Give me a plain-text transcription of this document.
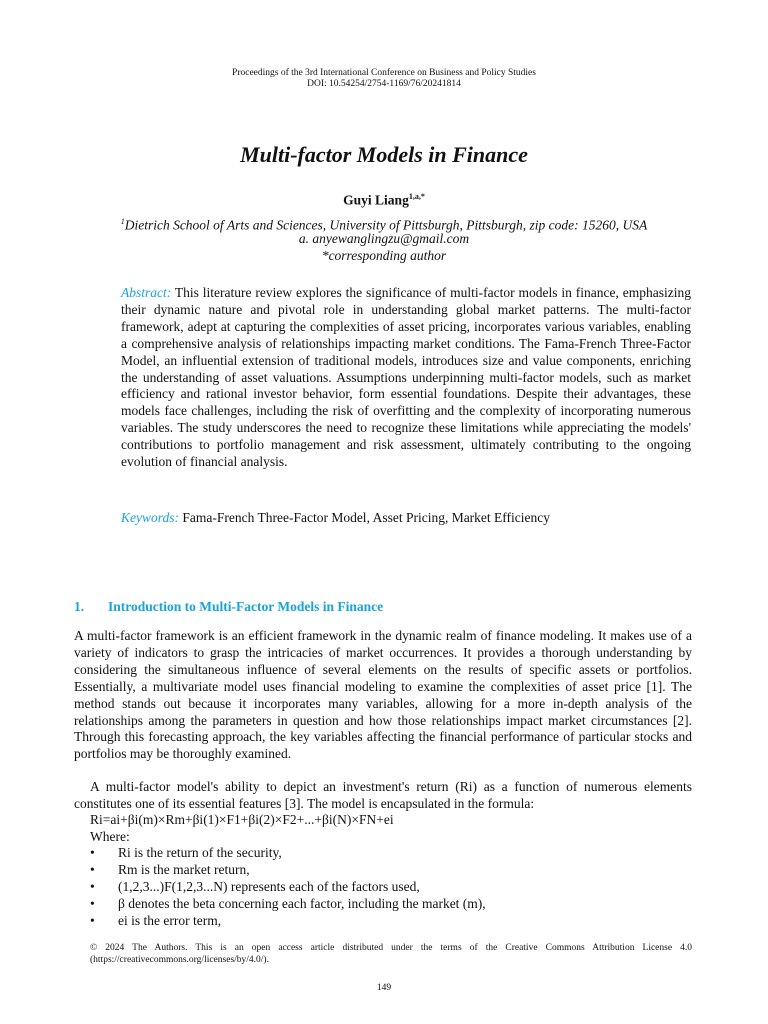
Proceedings of the 3rd International Conference on Business and Policy Studies
DOI: 10.54254/2754-1169/76/20241814
Multi-factor Models in Finance
Guyi Liang$^{1,a,*}$
$^1$Dietrich School of Arts and Sciences, University of Pittsburgh, Pittsburgh, zip code: 15260, USA
a. anyewanglingzu@gmail.com
*corresponding author
Abstract: This literature review explores the significance of multi-factor models in finance, emphasizing their dynamic nature and pivotal role in understanding global market patterns. The multi-factor framework, adept at capturing the complexities of asset pricing, incorporates various variables, enabling a comprehensive analysis of relationships impacting market conditions. The Fama-French Three-Factor Model, an influential extension of traditional models, introduces size and value components, enriching the understanding of asset valuations. Assumptions underpinning multi-factor models, such as market efficiency and rational investor behavior, form essential foundations. Despite their advantages, these models face challenges, including the risk of overfitting and the complexity of incorporating numerous variables. The study underscores the need to recognize these limitations while appreciating the models' contributions to portfolio management and risk assessment, ultimately contributing to the ongoing evolution of financial analysis.
Keywords: Fama-French Three-Factor Model, Asset Pricing, Market Efficiency
1. Introduction to Multi-Factor Models in Finance
A multi-factor framework is an efficient framework in the dynamic realm of finance modeling. It makes use of a variety of indicators to grasp the intricacies of market occurrences. It provides a thorough understanding by considering the simultaneous influence of several elements on the results of specific assets or portfolios. Essentially, a multivariate model uses financial modeling to examine the complexities of asset price [1]. The method stands out because it incorporates many variables, allowing for a more in-depth analysis of the relationships among the parameters in question and how those relationships impact market circumstances [2]. Through this forecasting approach, the key variables affecting the financial performance of particular stocks and portfolios may be thoroughly examined.
A multi-factor model's ability to depict an investment's return (Ri) as a function of numerous elements constitutes one of its essential features [3]. The model is encapsulated in the formula:
Ri=ai+βi(m)×Rm+βi(1)×F1+βi(2)×F2+...+βi(N)×FN+ei
Where:
• Ri is the return of the security,
• Rm is the market return,
• (1,2,3...)F(1,2,3...N) represents each of the factors used,
• β denotes the beta concerning each factor, including the market (m),
• ei is the error term,
© 2024 The Authors. This is an open access article distributed under the terms of the Creative Commons Attribution License 4.0 (https://creativecommons.org/licenses/by/4.0/).
149
